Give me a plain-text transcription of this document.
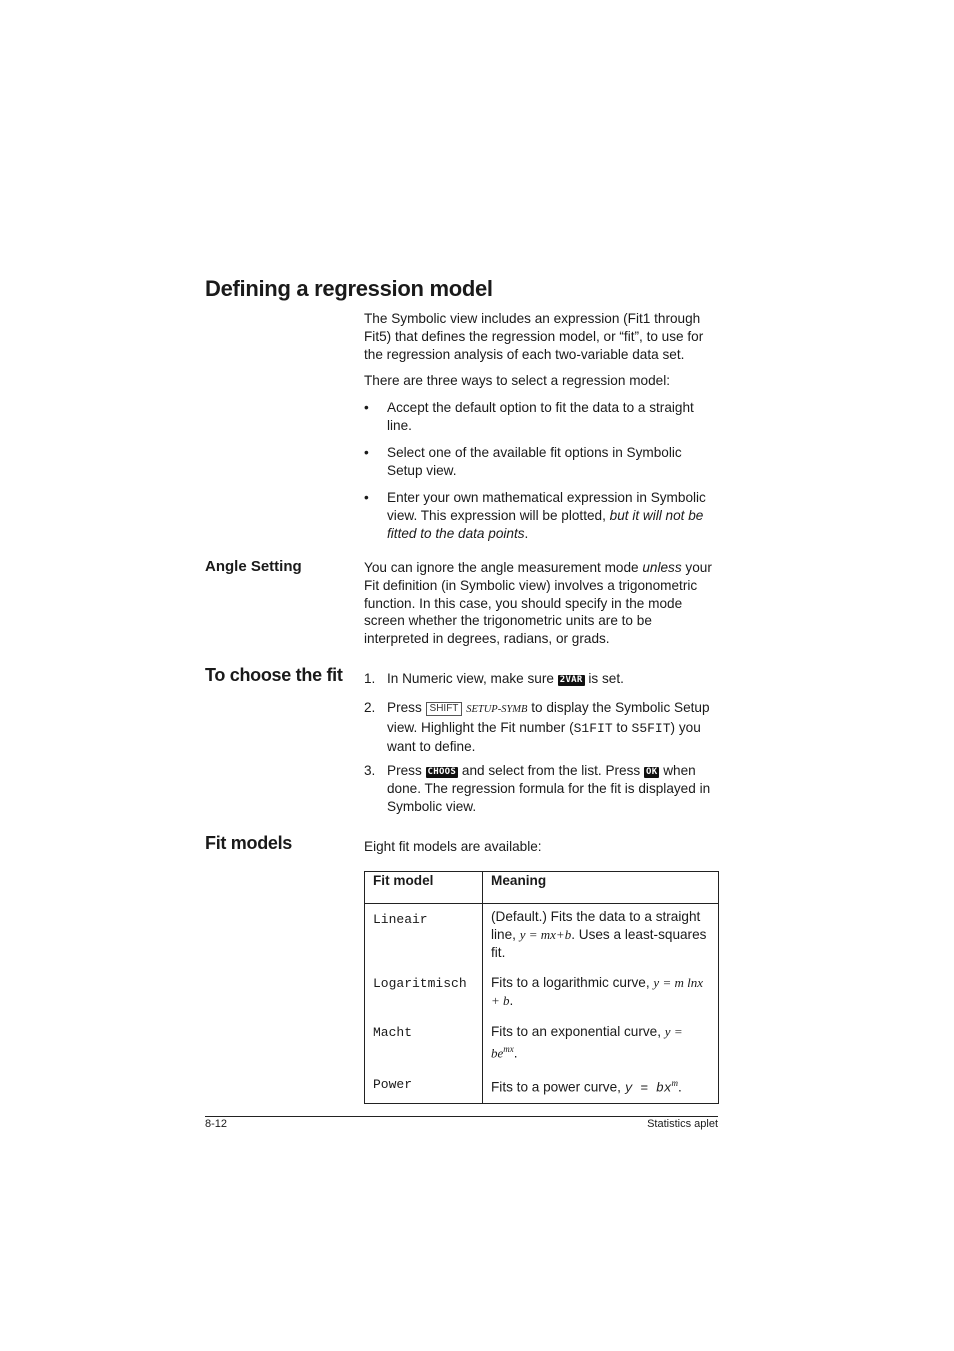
Defining a regression model

The Symbolic view includes an expression (Fit1 through Fit5) that defines the regression model, or “fit”, to use for the regression analysis of each two-variable data set.

There are three ways to select a regression model:

•	Accept the default option to fit the data to a straight line.
•	Select one of the available fit options in Symbolic Setup view.
•	Enter your own mathematical expression in Symbolic view. This expression will be plotted, but it will not be fitted to the data points.
Angle Setting	You can ignore the angle measurement mode unless your Fit definition (in Symbolic view) involves a trigonometric function. In this case, you should specify in the mode screen whether the trigonometric units are to be interpreted in degrees, radians, or grads.

To choose the fit 1. In Numeric view, make sure 2VAR is set.
2. Press SHIFT SETUP-SYMB to display the Symbolic Setup view. Highlight the Fit number (S1FIT to S5FIT) you want to define.
3. Press CHOOS and select from the list. Press OK when done. The regression formula for the fit is displayed in Symbolic view.
Fit models	Eight fit models are available:

Fit model	Meaning
Lineair	(Default.) Fits the data to a straight line, y = mx+b. Uses a least-squares fit.
Logaritmisch	Fits to a logarithmic curve, y = m lnx + b.
Macht	Fits to an exponential curve, $y = be^{mx}$.
Power	Fits to a power curve, $y = bx^m$.
8-12	Statistics aplet
